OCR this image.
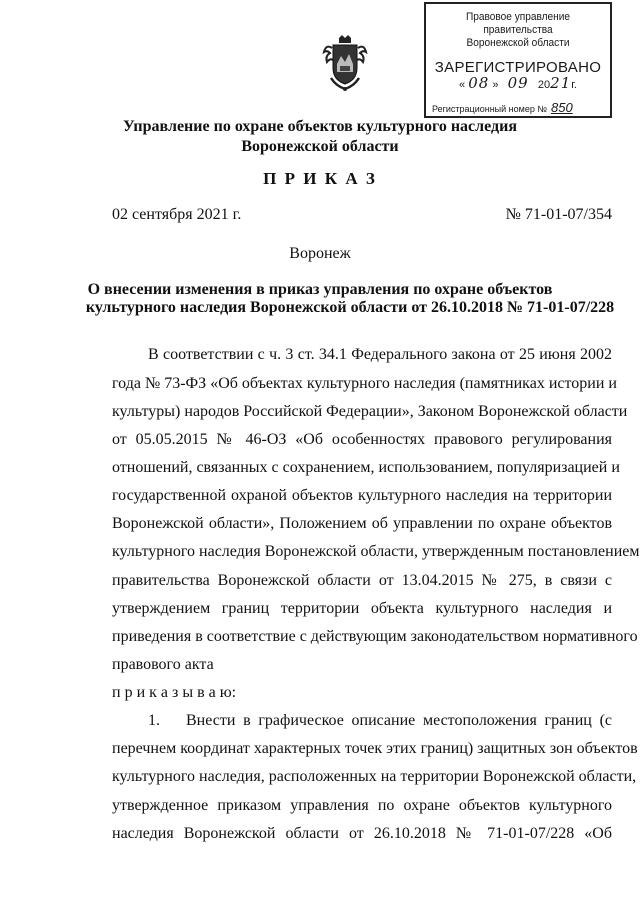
Правовое управление правительства
Воронежской области
ЗАРЕГИСТРИРОВАНО
« 08 » 09 2021г.
Регистрационный номер № 850
Управление по охране объектов культурного наследия
Воронежской области
П Р И К А З
02 сентября 2021 г.	№ 71-01-07/354
Воронеж
О внесении изменения в приказ управления по охране объектов
культурного наследия Воронежской области от 26.10.2018 № 71-01-07/228
В соответствии с ч. 3 ст. 34.1 Федерального закона от 25 июня 2002
года № 73-ФЗ «Об объектах культурного наследия (памятниках истории и
культуры) народов Российской Федерации», Законом Воронежской области
от 05.05.2015 № 46-ОЗ «Об особенностях правового регулирования
отношений, связанных с сохранением, использованием, популяризацией и
государственной охраной объектов культурного наследия на территории
Воронежской области», Положением об управлении по охране объектов
культурного наследия Воронежской области, утвержденным постановлением
правительства Воронежской области от 13.04.2015 № 275, в связи с
утверждением границ территории объекта культурного наследия и
приведения в соответствие с действующим законодательством нормативного
правового акта
п р и к а з ы в а ю:
1. Внести в графическое описание местоположения границ (с
перечнем координат характерных точек этих границ) защитных зон объектов
культурного наследия, расположенных на территории Воронежской области,
утвержденное приказом управления по охране объектов культурного
наследия Воронежской области от 26.10.2018 № 71-01-07/228 «Об
